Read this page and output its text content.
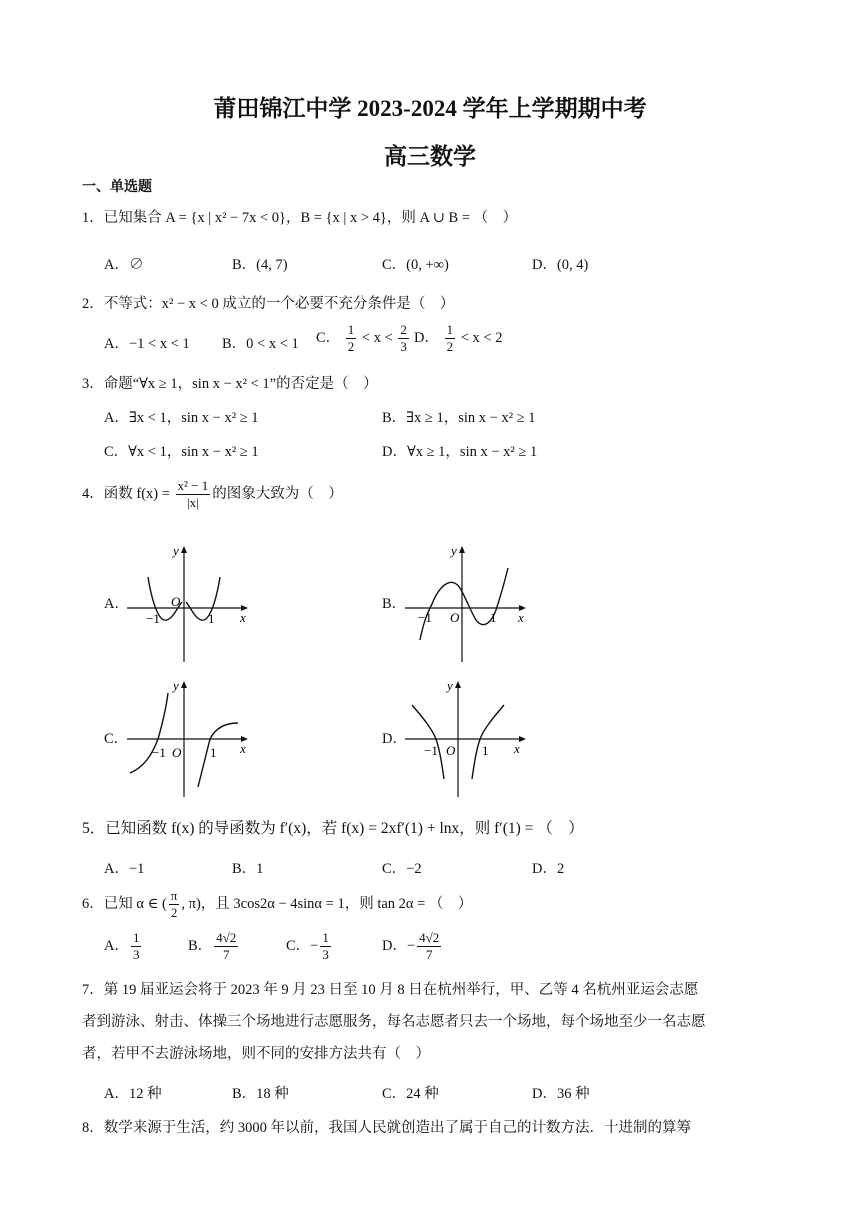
莆田锦江中学 2023-2024 学年上学期期中考
高三数学
一、单选题
1．已知集合 A = {x | x² − 7x < 0}，B = {x | x > 4}，则 A ∪ B = （　）
A．∅	B．(4, 7)	C．(0, +∞)	D．(0, 4)
2．不等式：x² − x < 0 成立的一个必要不充分条件是（　）
A．−1 < x < 1 B．0 < x < 1 C． $\frac{1}{2} < x < \frac{2}{3}$ D． $\frac{1}{2} < x < 2$
3．命题“∀x ≥ 1，sin x − x² < 1”的否定是（　）
A．∃x < 1，sin x − x² ≥ 1	B．∃x ≥ 1，sin x − x² ≥ 1
C．∀x < 1，sin x − x² ≥ 1	D．∀x ≥ 1，sin x − x² ≥ 1
4．函数 $f(x) = \frac{\text{x² − 1}}{|x|}$ 的图象大致为（　）
A．	B．
C．	D．
y
x
O
−1	1
y
x
O
−1	1
y
x
O
−1	1
y
x
O
−1	1
5．已知函数 f(x) 的导函数为 f′(x)，若 f(x) = 2xf′(1) + lnx，则 f′(1) = （　）
A．−1	B．1	C．−2	D．2
6．已知 α ∈ ( $\frac{\pi}{2}$ , π)，且 3cos2α − 4sinα = 1，则 tan 2α = （　）
A． $\frac{1}{3}$	B． $\frac{4√2}{7}$	C．− $\frac{1}{3}$	D．− $\frac{4√2}{7}$
7．第 19 届亚运会将于 2023 年 9 月 23 日至 10 月 8 日在杭州举行，甲、乙等 4 名杭州亚运会志愿
者到游泳、射击、体操三个场地进行志愿服务，每名志愿者只去一个场地，每个场地至少一名志愿
者，若甲不去游泳场地，则不同的安排方法共有（　）
A．12 种	B．18 种	C．24 种	D．36 种
8．数学来源于生活，约 3000 年以前，我国人民就创造出了属于自己的计数方法．十进制的算筹
